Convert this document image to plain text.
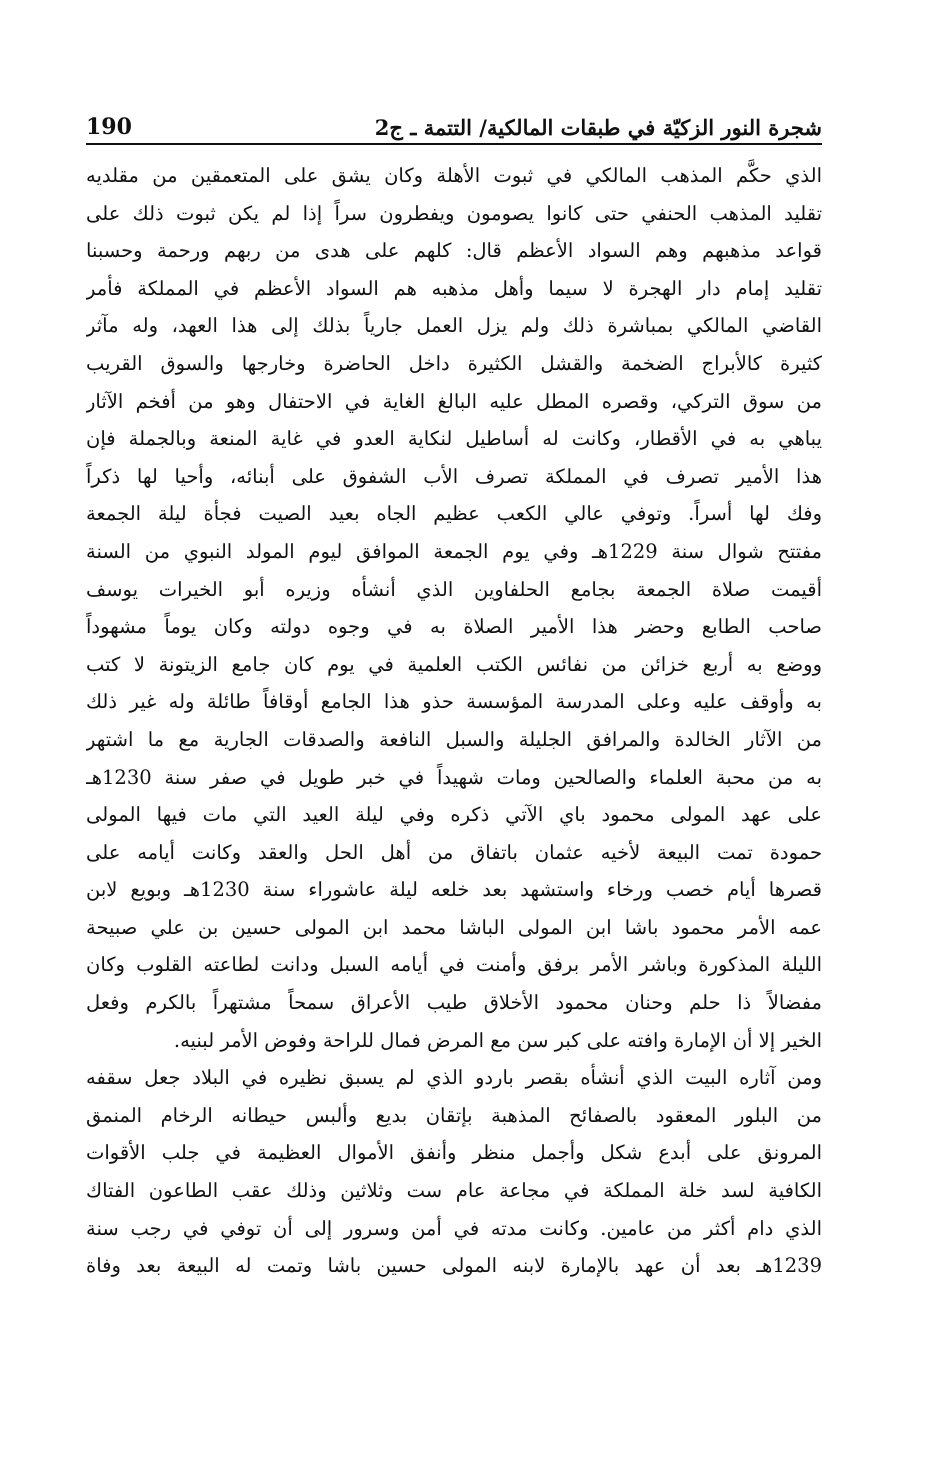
190	شجرة النور الزكيّة في طبقات المالكية/ التتمة ـ ج2
الذي حكَّم المذهب المالكي في ثبوت الأهلة وكان يشق على المتعمقين من مقلديه
تقليد المذهب الحنفي حتى كانوا يصومون ويفطرون سراً إذا لم يكن ثبوت ذلك على
قواعد مذهبهم وهم السواد الأعظم قال: كلهم على هدى من ربهم ورحمة وحسبنا
تقليد إمام دار الهجرة لا سيما وأهل مذهبه هم السواد الأعظم في المملكة فأمر
القاضي المالكي بمباشرة ذلك ولم يزل العمل جارياً بذلك إلى هذا العهد، وله مآثر
كثيرة كالأبراج الضخمة والقشل الكثيرة داخل الحاضرة وخارجها والسوق القريب
من سوق التركي، وقصره المطل عليه البالغ الغاية في الاحتفال وهو من أفخم الآثار
يباهي به في الأقطار، وكانت له أساطيل لنكاية العدو في غاية المنعة وبالجملة فإن
هذا الأمير تصرف في المملكة تصرف الأب الشفوق على أبنائه، وأحيا لها ذكراً
وفك لها أسراً. وتوفي عالي الكعب عظيم الجاه بعيد الصيت فجأة ليلة الجمعة
مفتتح شوال سنة 1229هـ وفي يوم الجمعة الموافق ليوم المولد النبوي من السنة
أقيمت صلاة الجمعة بجامع الحلفاوين الذي أنشأه وزيره أبو الخيرات يوسف
صاحب الطابع وحضر هذا الأمير الصلاة به في وجوه دولته وكان يوماً مشهوداً
ووضع به أربع خزائن من نفائس الكتب العلمية في يوم كان جامع الزيتونة لا كتب
به وأوقف عليه وعلى المدرسة المؤسسة حذو هذا الجامع أوقافاً طائلة وله غير ذلك
من الآثار الخالدة والمرافق الجليلة والسبل النافعة والصدقات الجارية مع ما اشتهر
به من محبة العلماء والصالحين ومات شهيداً في خبر طويل في صفر سنة 1230هـ
على عهد المولى محمود باي الآتي ذكره وفي ليلة العيد التي مات فيها المولى
حمودة تمت البيعة لأخيه عثمان باتفاق من أهل الحل والعقد وكانت أيامه على
قصرها أيام خصب ورخاء واستشهد بعد خلعه ليلة عاشوراء سنة 1230هـ وبويع لابن
عمه الأمر محمود باشا ابن المولى الباشا محمد ابن المولى حسين بن علي صبيحة
الليلة المذكورة وباشر الأمر برفق وأمنت في أيامه السبل ودانت لطاعته القلوب وكان
مفضالاً ذا حلم وحنان محمود الأخلاق طيب الأعراق سمحاً مشتهراً بالكرم وفعل
الخير إلا أن الإمارة وافته على كبر سن مع المرض فمال للراحة وفوض الأمر لبنيه.
ومن آثاره البيت الذي أنشأه بقصر باردو الذي لم يسبق نظيره في البلاد جعل سقفه
من البلور المعقود بالصفائح المذهبة بإتقان بديع وألبس حيطانه الرخام المنمق
المرونق على أبدع شكل وأجمل منظر وأنفق الأموال العظيمة في جلب الأقوات
الكافية لسد خلة المملكة في مجاعة عام ست وثلاثين وذلك عقب الطاعون الفتاك
الذي دام أكثر من عامين. وكانت مدته في أمن وسرور إلى أن توفي في رجب سنة
1239هـ بعد أن عهد بالإمارة لابنه المولى حسين باشا وتمت له البيعة بعد وفاة
